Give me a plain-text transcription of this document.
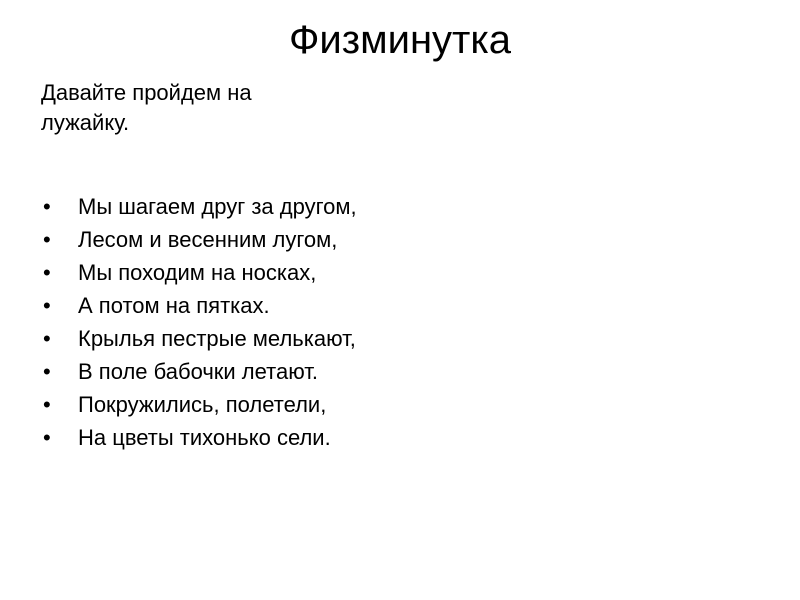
Физминутка

Давайте пройдем на лужайку.

•	Мы шагаем друг за другом,
•	Лесом и весенним лугом,
•	Мы походим на носках,
•	А потом на пятках.
•	Крылья пестрые мелькают,
•	В поле бабочки летают.
•	Покружились, полетели,
•	На цветы тихонько сели.
